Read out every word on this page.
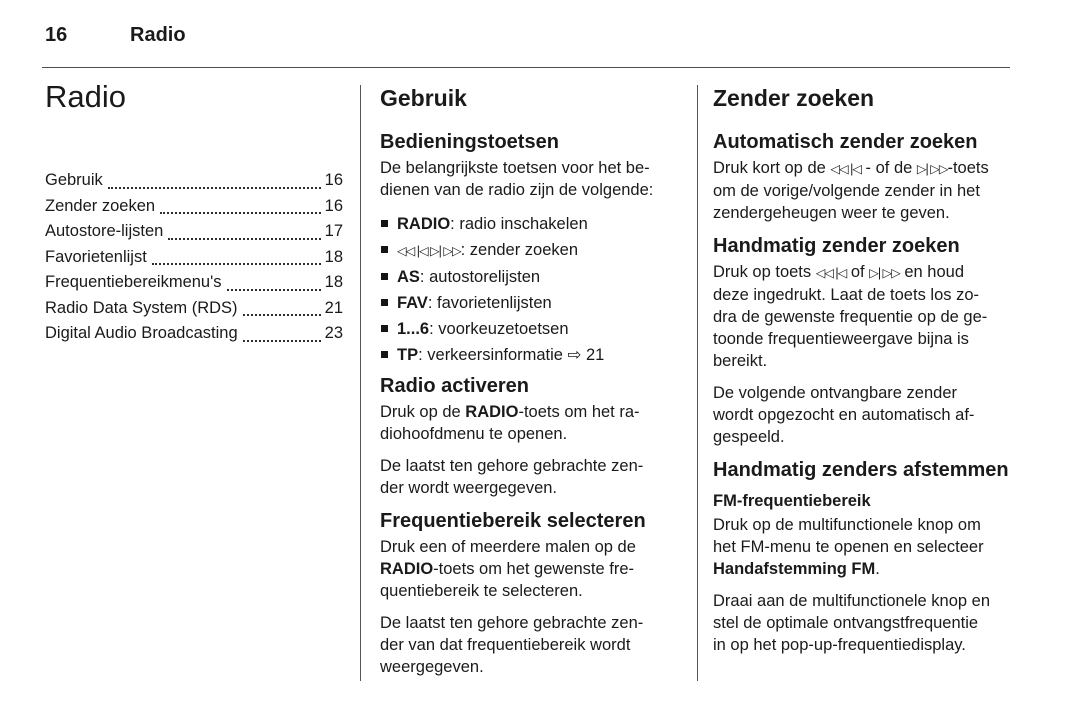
16	Radio
Radio
Gebruik	16
Zender zoeken	16
Autostore-lijsten	17
Favorietenlijst	18
Frequentiebereikmenu's	18
Radio Data System (RDS)	21
Digital Audio Broadcasting	23
Gebruik
Bedieningstoetsen

De belangrijkste toetsen voor het be-
dienen van de radio zijn de volgende:

RADIO: radio inschakelen
◁◁ |◁ ▷| ▷▷: zender zoeken
AS: autostorelijsten
FAV: favorietenlijsten
1...6: voorkeuzetoetsen
TP: verkeersinformatie ⇨ 21
Radio activeren

Druk op de RADIO-toets om het ra-
diohoofdmenu te openen.

De laatst ten gehore gebrachte zen-
der wordt weergegeven.

Frequentiebereik selecteren

Druk een of meerdere malen op de
RADIO-toets om het gewenste fre-
quentiebereik te selecteren.

De laatst ten gehore gebrachte zen-
der van dat frequentiebereik wordt
weergegeven.

Zender zoeken
Automatisch zender zoeken

Druk kort op de ◁◁ |◁ - of de ▷| ▷▷-toets
om de vorige/volgende zender in het
zendergeheugen weer te geven.

Handmatig zender zoeken

Druk op toets ◁◁ |◁ of ▷| ▷▷ en houd
deze ingedrukt. Laat de toets los zo-
dra de gewenste frequentie op de ge-
toonde frequentieweergave bijna is
bereikt.

De volgende ontvangbare zender
wordt opgezocht en automatisch af-
gespeeld.

Handmatig zenders afstemmen
FM-frequentiebereik

Druk op de multifunctionele knop om
het FM-menu te openen en selecteer
Handafstemming FM.

Draai aan de multifunctionele knop en
stel de optimale ontvangstfrequentie
in op het pop-up-frequentiedisplay.
